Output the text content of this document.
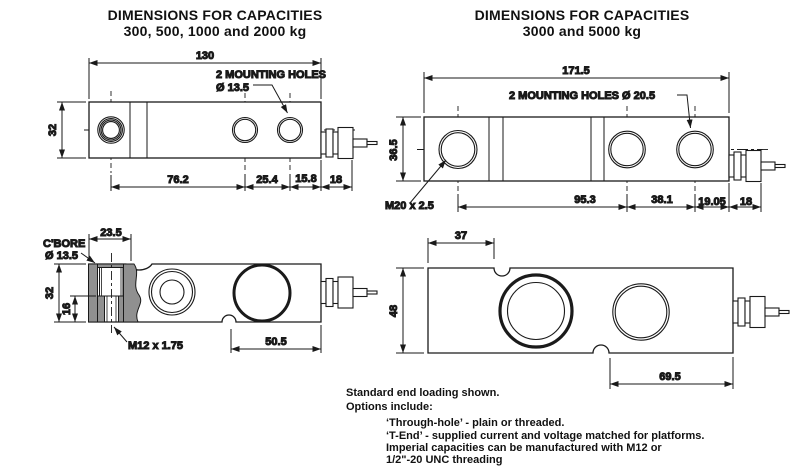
DIMENSIONS FOR CAPACITIES
300, 500, 1000 and 2000 kg
DIMENSIONS FOR CAPACITIES
3000 and 5000 kg
130
2 MOUNTING HOLES
Ø 13.5
32
76.2	25.4 15.8 18
23.5
C'BORE
Ø 13.5
32
16
M12 x 1.75	50.5
171.5
2 MOUNTING HOLES Ø 20.5
36.5
M20 x 2.5	95.3	38.1 19.05 18
37
48
69.5
Standard end loading shown.
Options include:
‘Through-hole’ - plain or threaded.
‘T-End’ - supplied current and voltage matched for platforms.
Imperial capacities can be manufactured with M12 or
1/2"-20 UNC threading
